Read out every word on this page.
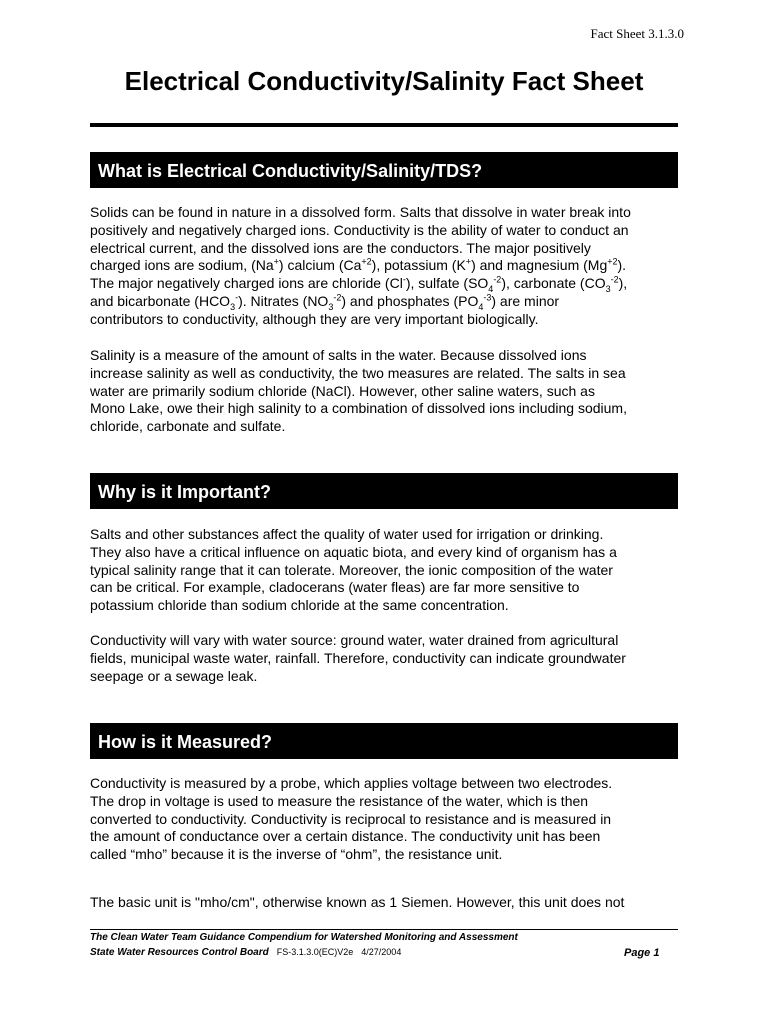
Fact Sheet 3.1.3.0
Electrical Conductivity/Salinity Fact Sheet
What is Electrical Conductivity/Salinity/TDS?
Solids can be found in nature in a dissolved form. Salts that dissolve in water break into
positively and negatively charged ions. Conductivity is the ability of water to conduct an
electrical current, and the dissolved ions are the conductors. The major positively
charged ions are sodium, (Na+) calcium $(Ca^{+2})$, potassium (K+) and magnesium $(Mg^{+2})$.
The major negatively charged ions are chloride (Cl-), sulfate $(SO_4^{-2})$, carbonate $(CO_3^{-2})$,
and bicarbonate $(HCO_3^-)$. Nitrates $(NO_3^{-2})$ and phosphates $(PO_4^{-3})$ are minor
contributors to conductivity, although they are very important biologically.
Salinity is a measure of the amount of salts in the water. Because dissolved ions
increase salinity as well as conductivity, the two measures are related. The salts in sea
water are primarily sodium chloride (NaCl). However, other saline waters, such as
Mono Lake, owe their high salinity to a combination of dissolved ions including sodium,
chloride, carbonate and sulfate.
Why is it Important?
Salts and other substances affect the quality of water used for irrigation or drinking.
They also have a critical influence on aquatic biota, and every kind of organism has a
typical salinity range that it can tolerate. Moreover, the ionic composition of the water
can be critical. For example, cladocerans (water fleas) are far more sensitive to
potassium chloride than sodium chloride at the same concentration.
Conductivity will vary with water source: ground water, water drained from agricultural
fields, municipal waste water, rainfall. Therefore, conductivity can indicate groundwater
seepage or a sewage leak.
How is it Measured?
Conductivity is measured by a probe, which applies voltage between two electrodes.
The drop in voltage is used to measure the resistance of the water, which is then
converted to conductivity. Conductivity is reciprocal to resistance and is measured in
the amount of conductance over a certain distance. The conductivity unit has been
called “mho” because it is the inverse of “ohm”, the resistance unit.
The basic unit is "mho/cm", otherwise known as 1 Siemen. However, this unit does not
The Clean Water Team Guidance Compendium for Watershed Monitoring and Assessment
State Water Resources Control Board FS-3.1.3.0(EC)V2e 4/27/2004	Page 1
